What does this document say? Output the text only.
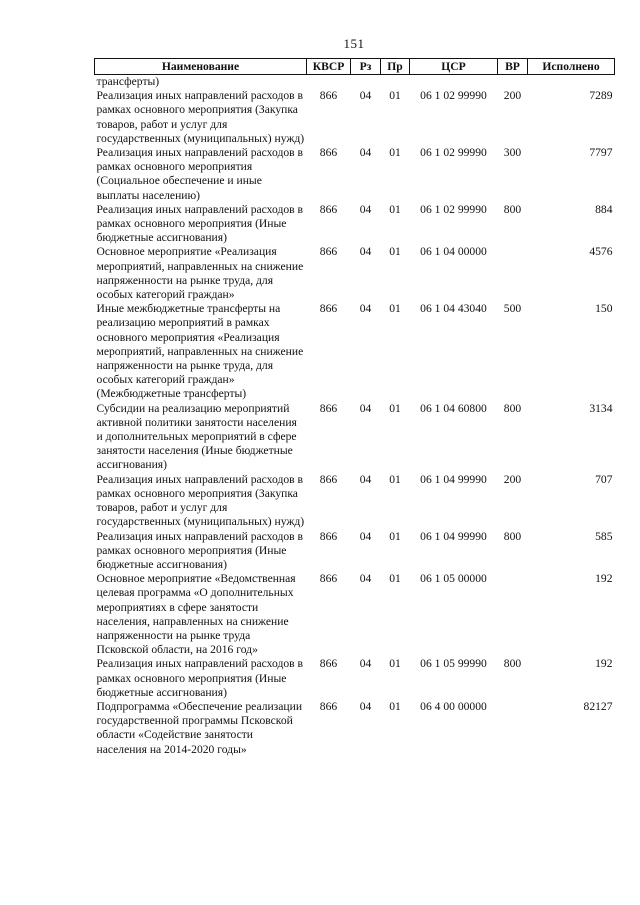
151
Наименование	КВСР	Рз	Пр	ЦСР	ВР	Исполнено
трансферты)						
Реализация иных направлений расходов в рамках основного мероприятия (Закупка товаров, работ и услуг для государственных (муниципальных) нужд)	866	04	01	06 1 02 99990	200	7289
Реализация иных направлений расходов в рамках основного мероприятия (Социальное обеспечение и иные выплаты населению)	866	04	01	06 1 02 99990	300	7797
Реализация иных направлений расходов в рамках основного мероприятия (Иные бюджетные ассигнования)	866	04	01	06 1 02 99990	800	884
Основное мероприятие «Реализация мероприятий, направленных на снижение напряженности на рынке труда, для особых категорий граждан»	866	04	01	06 1 04 00000		4576
Иные межбюджетные трансферты на реализацию мероприятий в рамках основного мероприятия «Реализация мероприятий, направленных на снижение напряженности на рынке труда, для особых категорий граждан» (Межбюджетные трансферты)	866	04	01	06 1 04 43040	500	150
Субсидии на реализацию мероприятий активной политики занятости населения и дополнительных мероприятий в сфере занятости населения (Иные бюджетные ассигнования)	866	04	01	06 1 04 60800	800	3134
Реализация иных направлений расходов в рамках основного мероприятия (Закупка товаров, работ и услуг для государственных (муниципальных) нужд)	866	04	01	06 1 04 99990	200	707
Реализация иных направлений расходов в рамках основного мероприятия (Иные бюджетные ассигнования)	866	04	01	06 1 04 99990	800	585
Основное мероприятие «Ведомственная целевая программа «О дополнительных мероприятиях в сфере занятости населения, направленных на снижение напряженности на рынке труда Псковской области, на 2016 год»	866	04	01	06 1 05 00000		192
Реализация иных направлений расходов в рамках основного мероприятия (Иные бюджетные ассигнования)	866	04	01	06 1 05 99990	800	192
Подпрограмма «Обеспечение реализации государственной программы Псковской области «Содействие занятости населения на 2014-2020 годы»	866	04	01	06 4 00 00000		82127
